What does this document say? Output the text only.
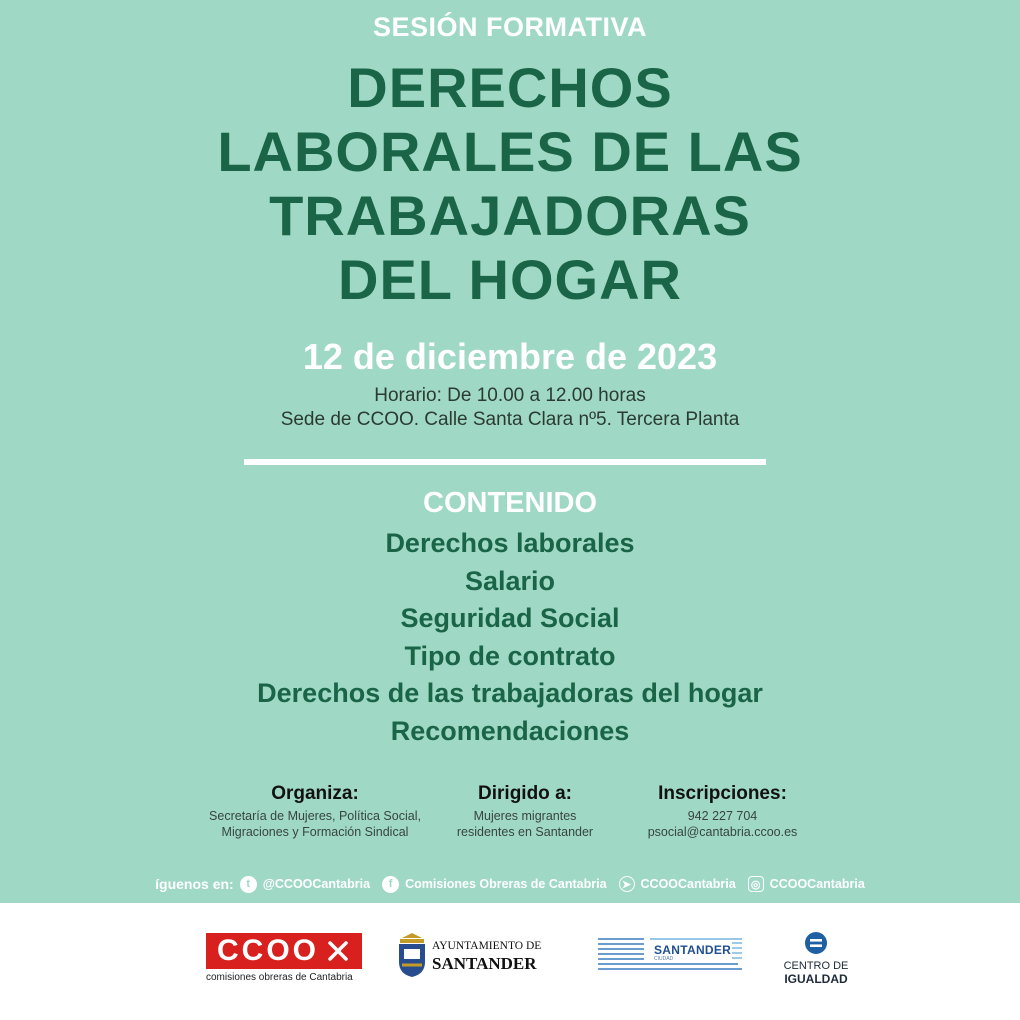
SESIÓN FORMATIVA
DERECHOS
LABORALES DE LAS
TRABAJADORAS
DEL HOGAR
12 de diciembre de 2023
Horario: De 10.00 a 12.00 horas
Sede de CCOO. Calle Santa Clara nº5. Tercera Planta
CONTENIDO
Derechos laborales
Salario
Seguridad Social
Tipo de contrato
Derechos de las trabajadoras del hogar
Recomendaciones
Organiza:
Secretaría de Mujeres, Política Social,
Migraciones y Formación Sindical
Dirigido a:
Mujeres migrantes
residentes en Santander
Inscripciones:
942 227 704
psocial@cantabria.ccoo.es
íguenos en:	t	@CCOOCantabria	f	Comisiones Obreras de Cantabria	➤ CCOOCantabria ◎ CCOOCantabria
CCOO
comisiones obreras de Cantabria
AYUNTAMIENTO DE
SANTANDER
SANTANDER
CIUDAD
CENTRO DE
IGUALDAD
